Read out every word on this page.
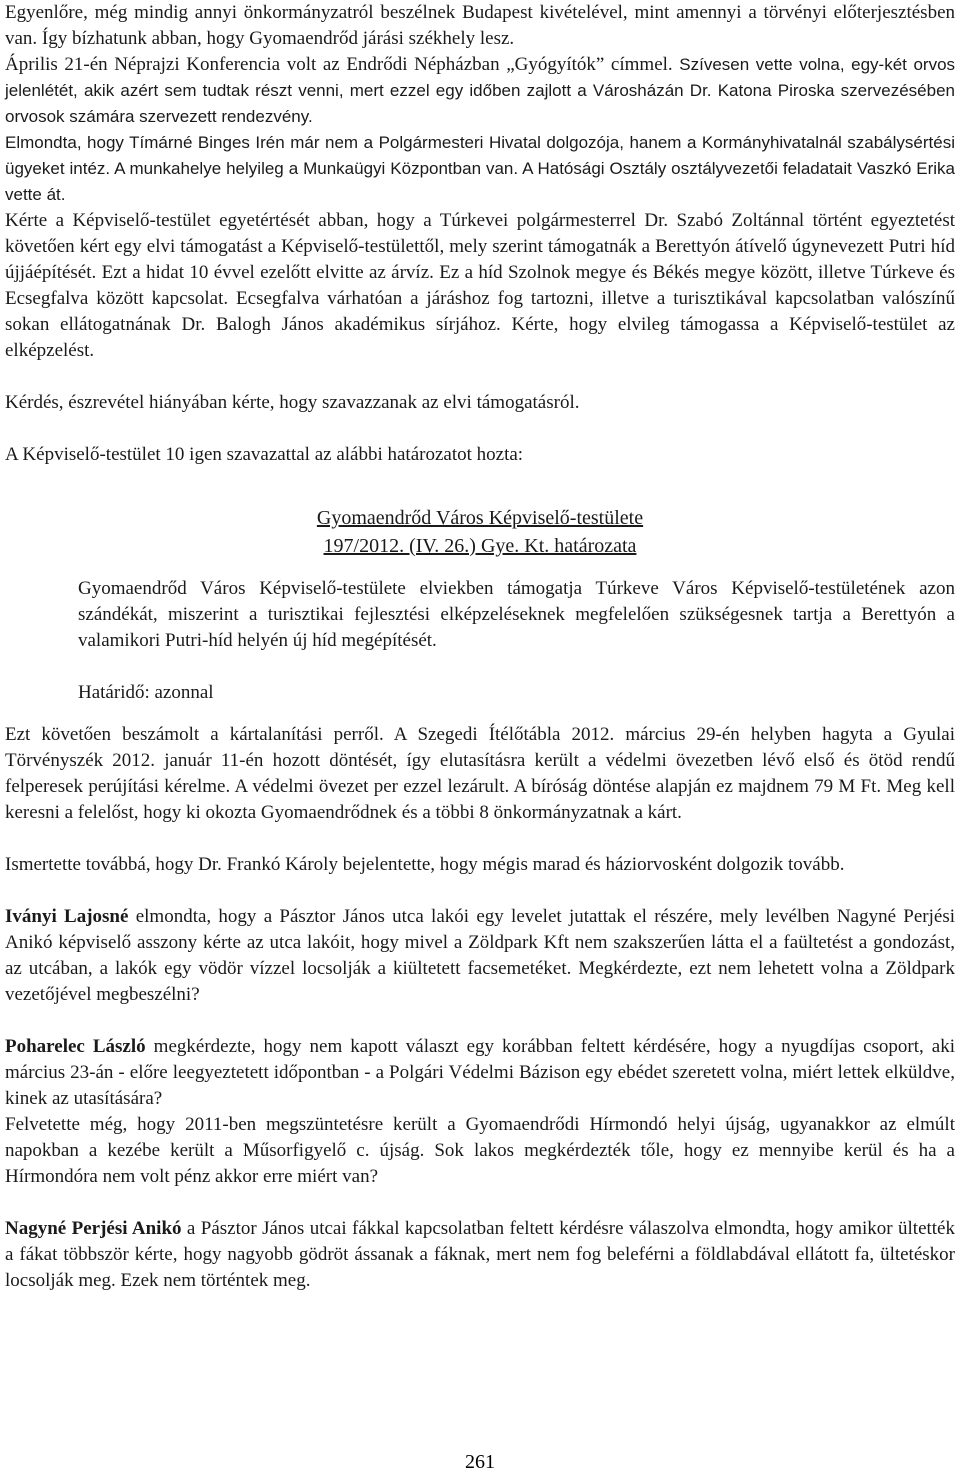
Egyenlőre, még mindig annyi önkormányzatról beszélnek Budapest kivételével, mint amennyi a törvényi előterjesztésben van. Így bízhatunk abban, hogy Gyomaendrőd járási székhely lesz.

Április 21-én Néprajzi Konferencia volt az Endrődi Népházban „Gyógyítók” címmel. Szívesen vette volna, egy-két orvos jelenlétét, akik azért sem tudtak részt venni, mert ezzel egy időben zajlott a Városházán Dr. Katona Piroska szervezésében orvosok számára szervezett rendezvény.

Elmondta, hogy Tímárné Binges Irén már nem a Polgármesteri Hivatal dolgozója, hanem a Kormányhivatalnál szabálysértési ügyeket intéz. A munkahelye helyileg a Munkaügyi Központban van. A Hatósági Osztály osztályvezetői feladatait Vaszkó Erika vette át.

Kérte a Képviselő-testület egyetértését abban, hogy a Túrkevei polgármesterrel Dr. Szabó Zoltánnal történt egyeztetést követően kért egy elvi támogatást a Képviselő-testülettől, mely szerint támogatnák a Berettyón átívelő úgynevezett Putri híd újjáépítését. Ezt a hidat 10 évvel ezelőtt elvitte az árvíz. Ez a híd Szolnok megye és Békés megye között, illetve Túrkeve és Ecsegfalva között kapcsolat. Ecsegfalva várhatóan a járáshoz fog tartozni, illetve a turisztikával kapcsolatban valószínű sokan ellátogatnának Dr. Balogh János akadémikus sírjához. Kérte, hogy elvileg támogassa a Képviselő-testület az elképzelést.

Kérdés, észrevétel hiányában kérte, hogy szavazzanak az elvi támogatásról.

A Képviselő-testület 10 igen szavazattal az alábbi határozatot hozta:

Gyomaendrőd Város Képviselő-testülete
197/2012. (IV. 26.) Gye. Kt. határozata

Gyomaendrőd Város Képviselő-testülete elviekben támogatja Túrkeve Város Képviselő-testületének azon szándékát, miszerint a turisztikai fejlesztési elképzeléseknek megfelelően szükségesnek tartja a Berettyón a valamikori Putri-híd helyén új híd megépítését.

Határidő: azonnal

Ezt követően beszámolt a kártalanítási perről. A Szegedi Ítélőtábla 2012. március 29-én helyben hagyta a Gyulai Törvényszék 2012. január 11-én hozott döntését, így elutasításra került a védelmi övezetben lévő első és ötöd rendű felperesek perújítási kérelme. A védelmi övezet per ezzel lezárult. A bíróság döntése alapján ez majdnem 79 M Ft. Meg kell keresni a felelőst, hogy ki okozta Gyomaendrődnek és a többi 8 önkormányzatnak a kárt.

Ismertette továbbá, hogy Dr. Frankó Károly bejelentette, hogy mégis marad és háziorvosként dolgozik tovább.

Iványi Lajosné elmondta, hogy a Pásztor János utca lakói egy levelet jutattak el részére, mely levélben Nagyné Perjési Anikó képviselő asszony kérte az utca lakóit, hogy mivel a Zöldpark Kft nem szakszerűen látta el a faültetést a gondozást, az utcában, a lakók egy vödör vízzel locsolják a kiültetett facsemetéket. Megkérdezte, ezt nem lehetett volna a Zöldpark vezetőjével megbeszélni?

Poharelec László megkérdezte, hogy nem kapott választ egy korábban feltett kérdésére, hogy a nyugdíjas csoport, aki március 23-án - előre leegyeztetett időpontban - a Polgári Védelmi Bázison egy ebédet szeretett volna, miért lettek elküldve, kinek az utasítására?

Felvetette még, hogy 2011-ben megszüntetésre került a Gyomaendrődi Hírmondó helyi újság, ugyanakkor az elmúlt napokban a kezébe került a Műsorfigyelő c. újság. Sok lakos megkérdezték tőle, hogy ez mennyibe kerül és ha a Hírmondóra nem volt pénz akkor erre miért van?

Nagyné Perjési Anikó a Pásztor János utcai fákkal kapcsolatban feltett kérdésre válaszolva elmondta, hogy amikor ültették a fákat többször kérte, hogy nagyobb gödröt ássanak a fáknak, mert nem fog beleférni a földlabdával ellátott fa, ültetéskor locsolják meg. Ezek nem történtek meg.

261
